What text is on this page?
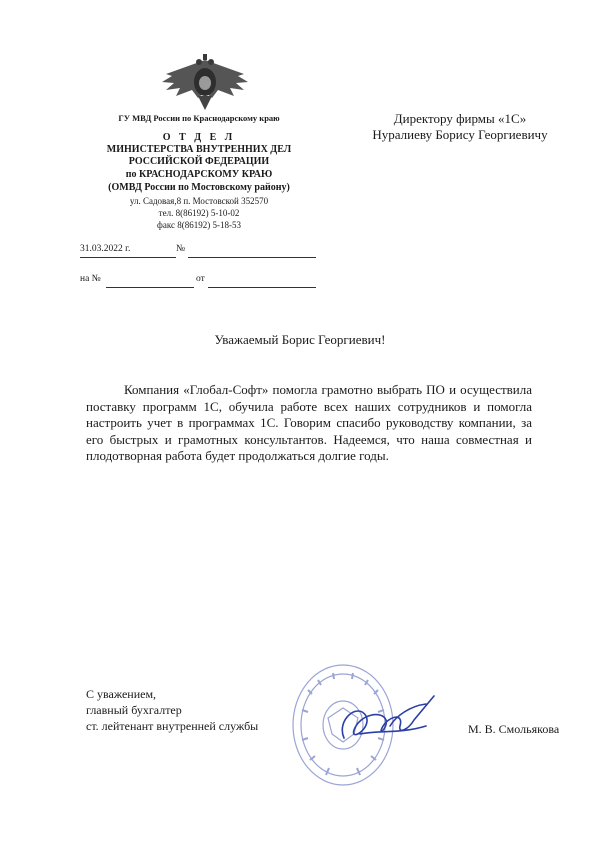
ГУ МВД России по Краснодарскому краю
О Т Д Е Л
МИНИСТЕРСТВА ВНУТРЕННИХ ДЕЛ
РОССИЙСКОЙ ФЕДЕРАЦИИ
по КРАСНОДАРСКОМУ КРАЮ
(ОМВД России по Мостовскому району)
ул. Садовая,8 п. Мостовской 352570
тел. 8(86192) 5-10-02
факс 8(86192) 5-18-53
31.03.2022 г.	№
на №	от
Директору фирмы «1С»
Нуралиеву Борису Георгиевичу
Уважаемый Борис Георгиевич!

Компания «Глобал-Софт» помогла грамотно выбрать ПО и осуществила поставку программ 1С, обучила работе всех наших сотрудников и помогла настроить учет в программах 1С. Говорим спасибо руководству компании, за его быстрых и грамотных консультантов. Надеемся, что наша совместная и плодотворная работа будет продолжаться долгие годы.

С уважением,
главный бухгалтер
ст. лейтенант внутренней службы	М. В. Смольякова
